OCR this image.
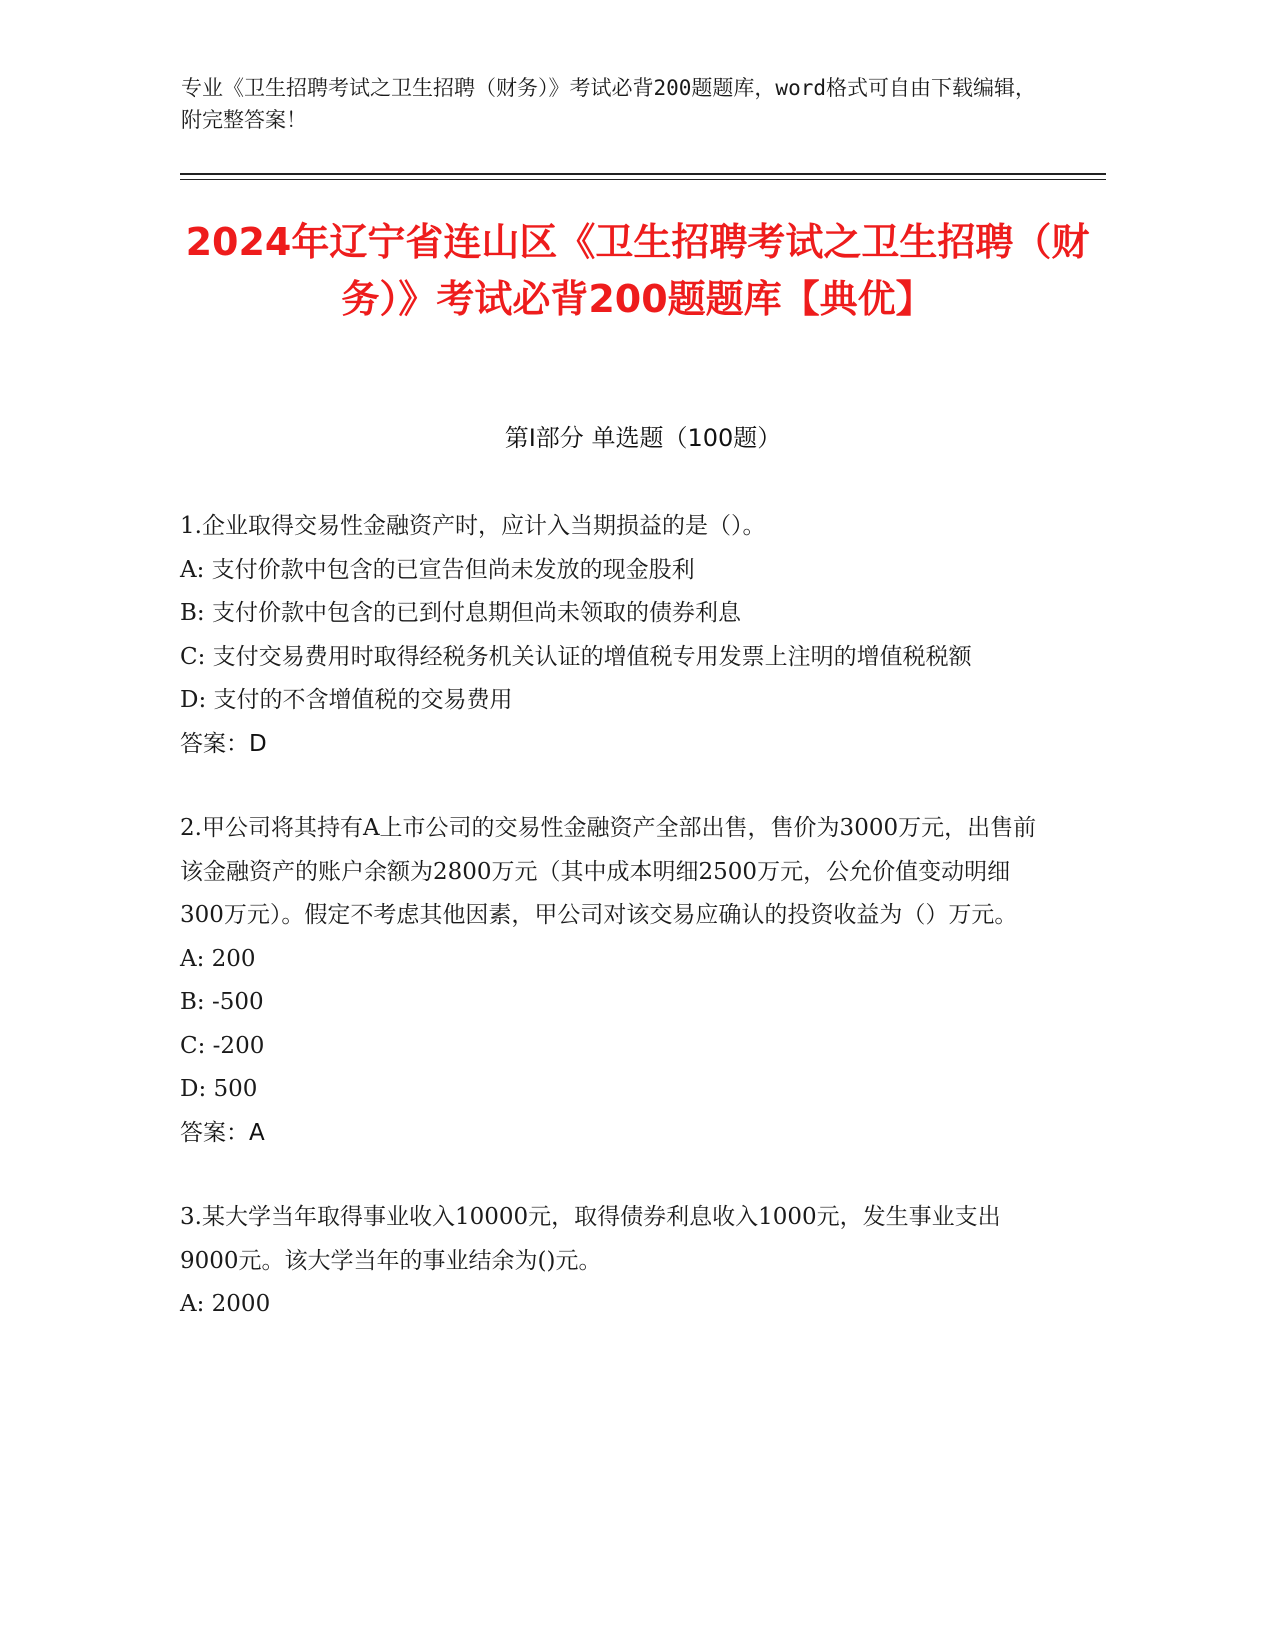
专业《卫生招聘考试之卫生招聘（财务）》考试必背200题题库，word格式可自由下载编辑，附完整答案！
2024年辽宁省连山区《卫生招聘考试之卫生招聘（财务）》考试必背200题题库【典优】
第I部分 单选题（100题）
1.企业取得交易性金融资产时，应计入当期损益的是（）。
A: 支付价款中包含的已宣告但尚未发放的现金股利
B: 支付价款中包含的已到付息期但尚未领取的债券利息
C: 支付交易费用时取得经税务机关认证的增值税专用发票上注明的增值税税额
D: 支付的不含增值税的交易费用
答案：D
2.甲公司将其持有A上市公司的交易性金融资产全部出售，售价为3000万元，出售前该金融资产的账户余额为2800万元（其中成本明细2500万元，公允价值变动明细300万元）。假定不考虑其他因素，甲公司对该交易应确认的投资收益为（）万元。
A: 200
B: -500
C: -200
D: 500
答案：A
3.某大学当年取得事业收入10000元，取得债券利息收入1000元，发生事业支出9000元。该大学当年的事业结余为()元。
A: 2000
